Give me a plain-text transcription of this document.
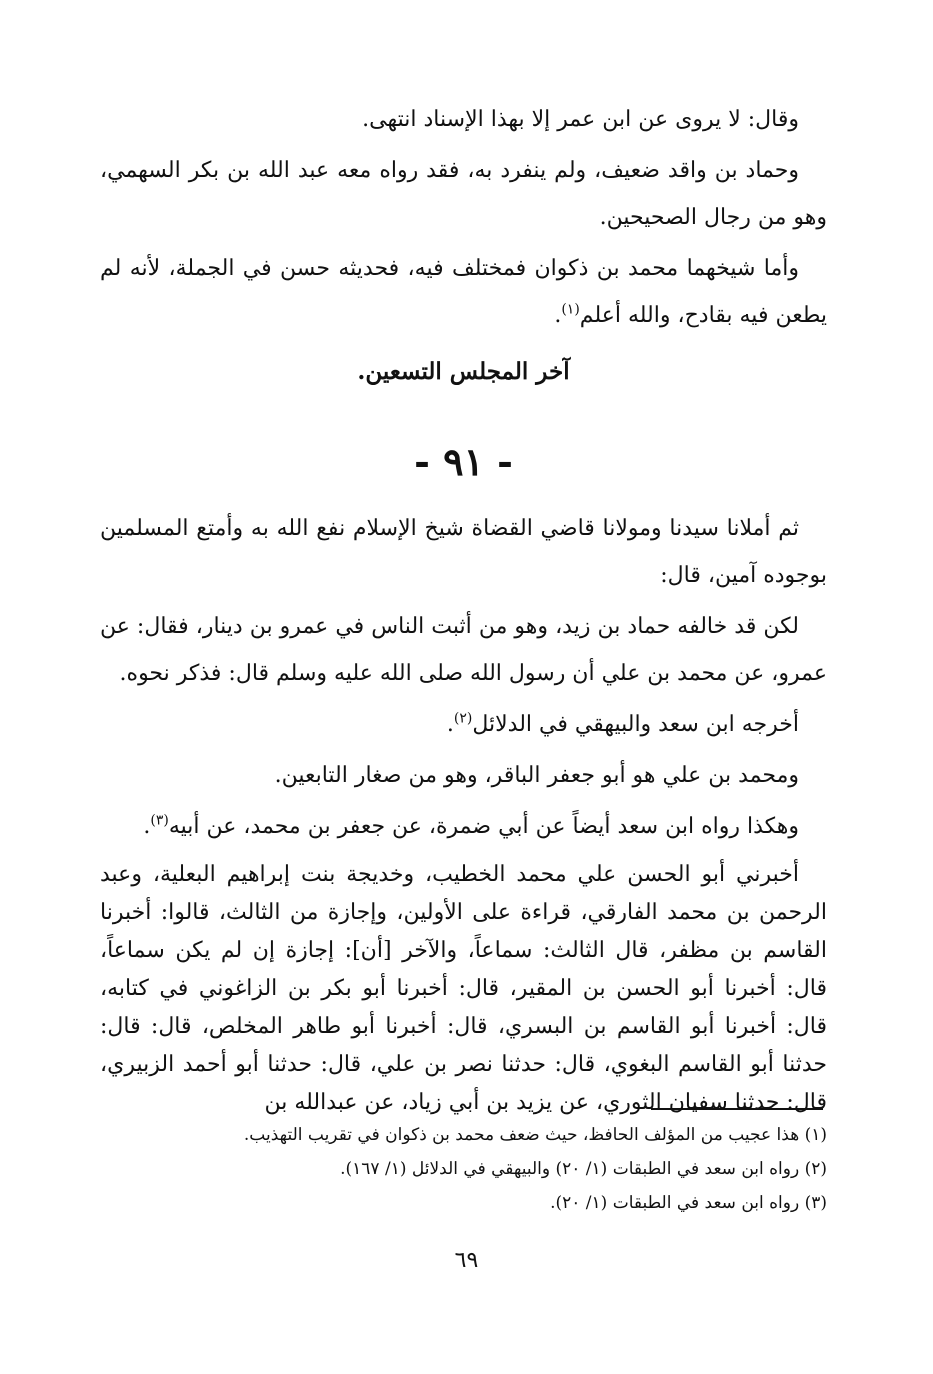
وقال: لا يروى عن ابن عمر إلا بهذا الإسناد انتهى.

وحماد بن واقد ضعيف، ولم ينفرد به، فقد رواه معه عبد الله بن بكر السهمي، وهو من رجال الصحيحين.

وأما شيخهما محمد بن ذكوان فمختلف فيه، فحديثه حسن في الجملة، لأنه لم يطعن فيه بقادح، والله أعلم$^{(١)}$.

آخر المجلس التسعين.

- ٩١ -

ثم أملانا سيدنا ومولانا قاضي القضاة شيخ الإسلام نفع الله به وأمتع المسلمين بوجوده آمين، قال:

لكن قد خالفه حماد بن زيد، وهو من أثبت الناس في عمرو بن دينار، فقال: عن عمرو، عن محمد بن علي أن رسول الله صلى الله عليه وسلم قال: فذكر نحوه.

أخرجه ابن سعد والبيهقي في الدلائل$^{(٢)}$.

ومحمد بن علي هو أبو جعفر الباقر، وهو من صغار التابعين.

وهكذا رواه ابن سعد أيضاً عن أبي ضمرة، عن جعفر بن محمد، عن أبيه$^{(٣)}$.

أخبرني أبو الحسن علي محمد الخطيب، وخديجة بنت إبراهيم البعلية، وعبد الرحمن بن محمد الفارقي، قراءة على الأولين، وإجازة من الثالث، قالوا: أخبرنا القاسم بن مظفر، قال الثالث: سماعاً، والآخر [أن]: إجازة إن لم يكن سماعاً، قال: أخبرنا أبو الحسن بن المقير، قال: أخبرنا أبو بكر بن الزاغوني في كتابه، قال: أخبرنا أبو القاسم بن البسري، قال: أخبرنا أبو طاهر المخلص، قال: قال: حدثنا أبو القاسم البغوي، قال: حدثنا نصر بن علي، قال: حدثنا أبو أحمد الزبيري، قال: حدثنا سفيان الثوري، عن يزيد بن أبي زياد، عن عبدالله بن

(١) هذا عجيب من المؤلف الحافظ، حيث ضعف محمد بن ذكوان في تقريب التهذيب.

(٢) رواه ابن سعد في الطبقات (١/ ٢٠) والبيهقي في الدلائل (١/ ١٦٧).

(٣) رواه ابن سعد في الطبقات (١/ ٢٠).

٦٩
